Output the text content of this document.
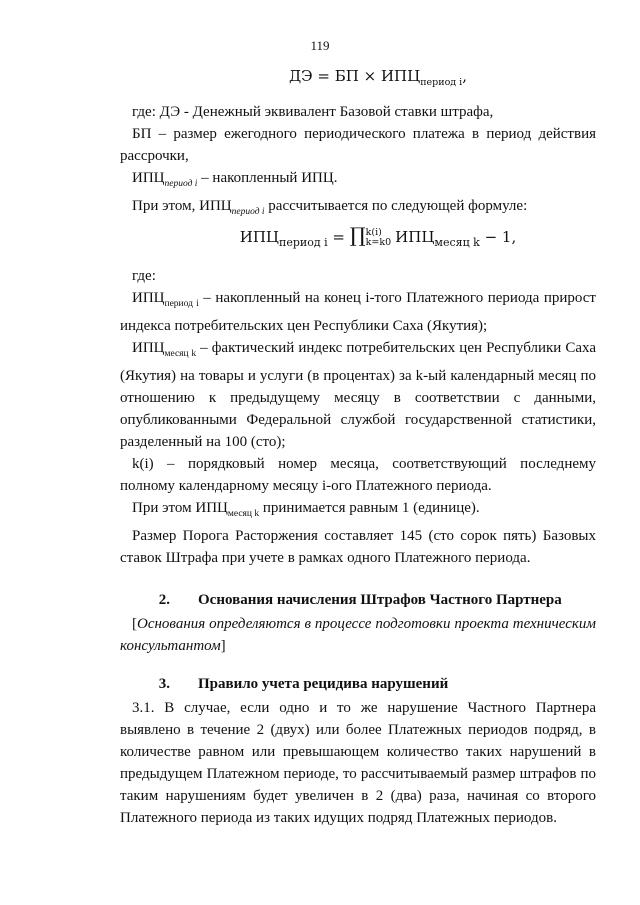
119

ДЭ = БП × $ИПЦ_{период i}$,

где: ДЭ - Денежный эквивалент Базовой ставки штрафа,

БП – размер ежегодного периодического платежа в период действия рассрочки,

$ИПЦ_{период i}$ – накопленный ИПЦ.

При этом, $ИПЦ_{период i}$ рассчитывается по следующей формуле:

$ИПЦ_{период i}$ = ∏ k(i)
k=k0 $ИПЦ_{месяц k} - 1$,

где:

$ИПЦ_{период i}$ – накопленный на конец i-того Платежного периода прирост индекса потребительских цен Республики Саха (Якутия);

$ИПЦ_{месяц k}$ – фактический индекс потребительских цен Республики Саха (Якутия) на товары и услуги (в процентах) за k-ый календарный месяц по отношению к предыдущему месяцу в соответствии с данными, опубликованными Федеральной службой государственной статистики, разделенный на 100 (сто);

k(i) – порядковый номер месяца, соответствующий последнему полному календарному месяцу i-ого Платежного периода.

При этом $ИПЦ_{месяц k}$ принимается равным 1 (единице).

Размер Порога Расторжения составляет 145 (сто сорок пять) Базовых ставок Штрафа при учете в рамках одного Платежного периода.

2. Основания начисления Штрафов Частного Партнера

[Основания определяются в процессе подготовки проекта техническим консультантом]

3. Правило учета рецидива нарушений

3.1. В случае, если одно и то же нарушение Частного Партнера выявлено в течение 2 (двух) или более Платежных периодов подряд, в количестве равном или превышающем количество таких нарушений в предыдущем Платежном периоде, то рассчитываемый размер штрафов по таким нарушениям будет увеличен в 2 (два) раза, начиная со второго Платежного периода из таких идущих подряд Платежных периодов.
